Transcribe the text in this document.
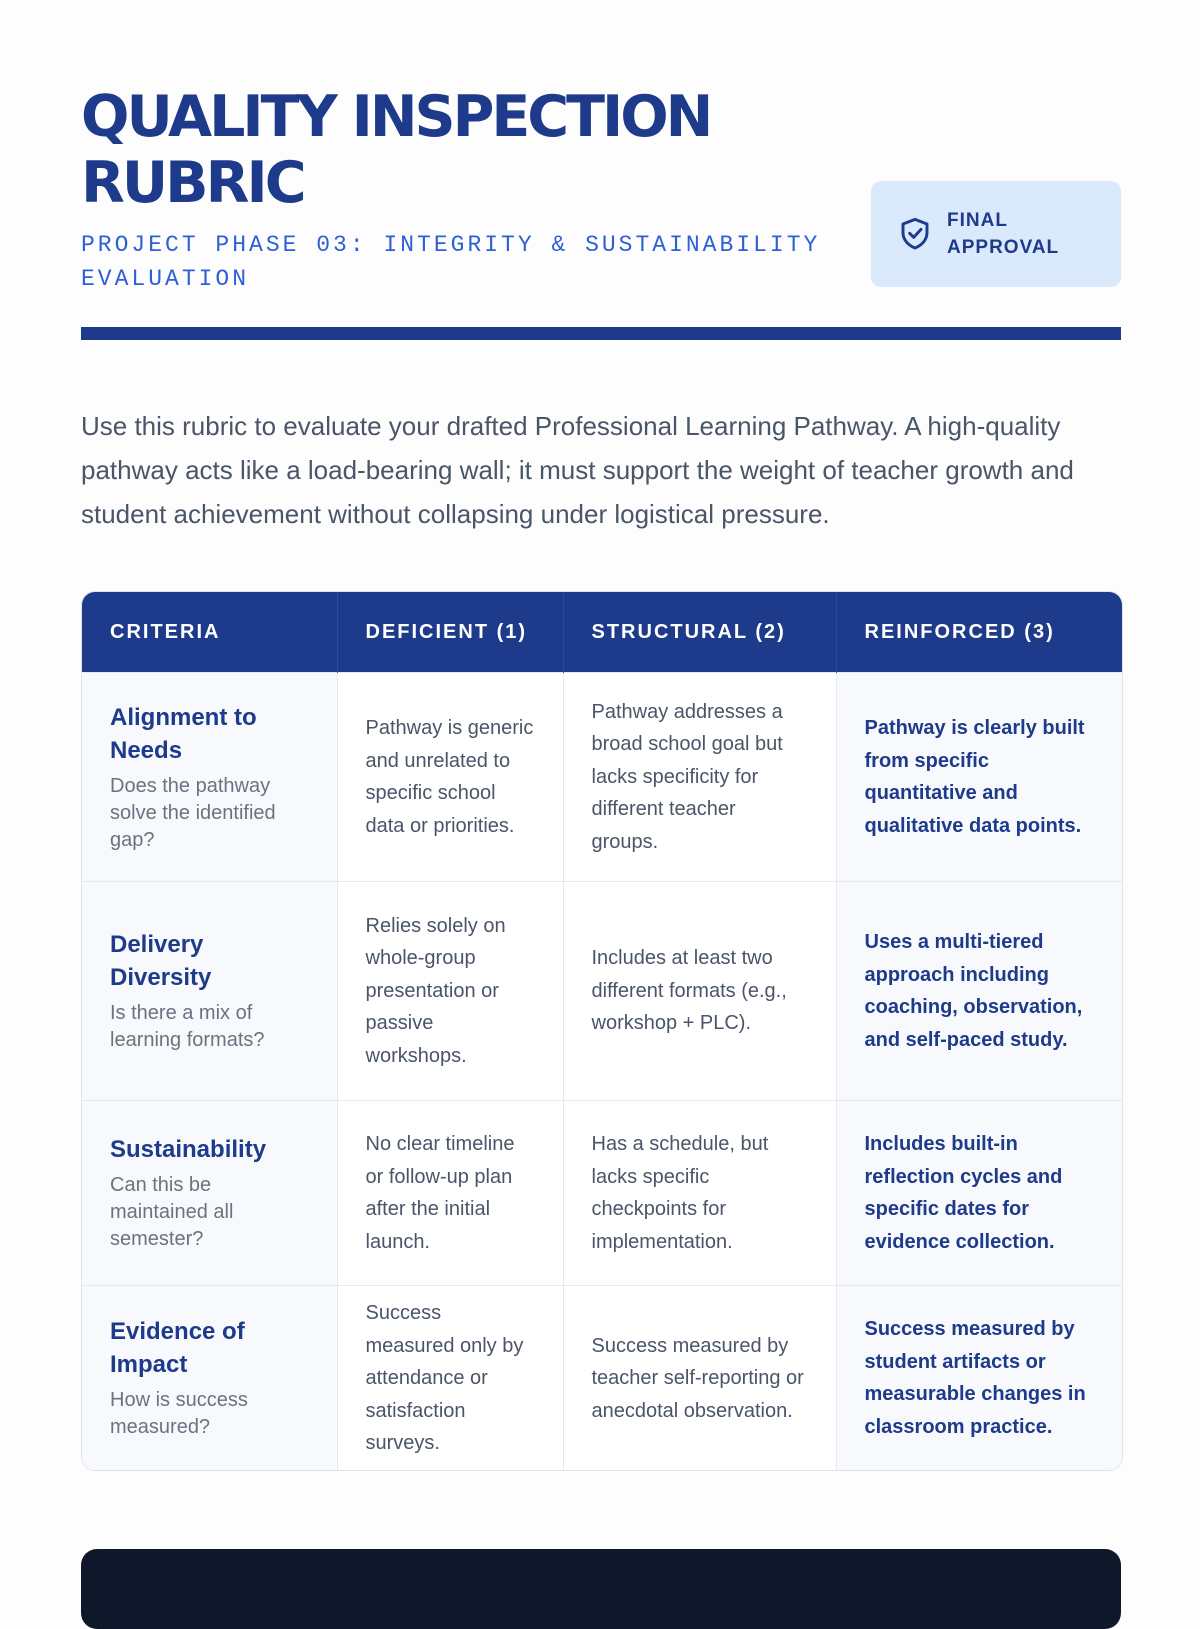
QUALITY INSPECTION RUBRIC
PROJECT PHASE 03: INTEGRITY & SUSTAINABILITY EVALUATION
FINAL APPROVAL

Use this rubric to evaluate your drafted Professional Learning Pathway. A high-quality pathway acts like a load-bearing wall; it must support the weight of teacher growth and student achievement without collapsing under logistical pressure.

CRITERIA	DEFICIENT (1)	STRUCTURAL (2)	REINFORCED (3)

Alignment to Needs
Does the pathway solve the identified gap?	Pathway is generic and unrelated to specific school data or priorities.	Pathway addresses a broad school goal but lacks specificity for different teacher groups.	Pathway is clearly built from specific quantitative and qualitative data points.

Delivery Diversity
Is there a mix of learning formats?	Relies solely on whole-group presentation or passive workshops.	Includes at least two different formats (e.g., workshop + PLC).	Uses a multi-tiered approach including coaching, observation, and self-paced study.

Sustainability
Can this be maintained all semester?	No clear timeline or follow-up plan after the initial launch.	Has a schedule, but lacks specific checkpoints for implementation.	Includes built-in reflection cycles and specific dates for evidence collection.

Evidence of Impact
How is success measured?	Success measured only by attendance or satisfaction surveys.	Success measured by teacher self-reporting or anecdotal observation.	Success measured by student artifacts or measurable changes in classroom practice.
